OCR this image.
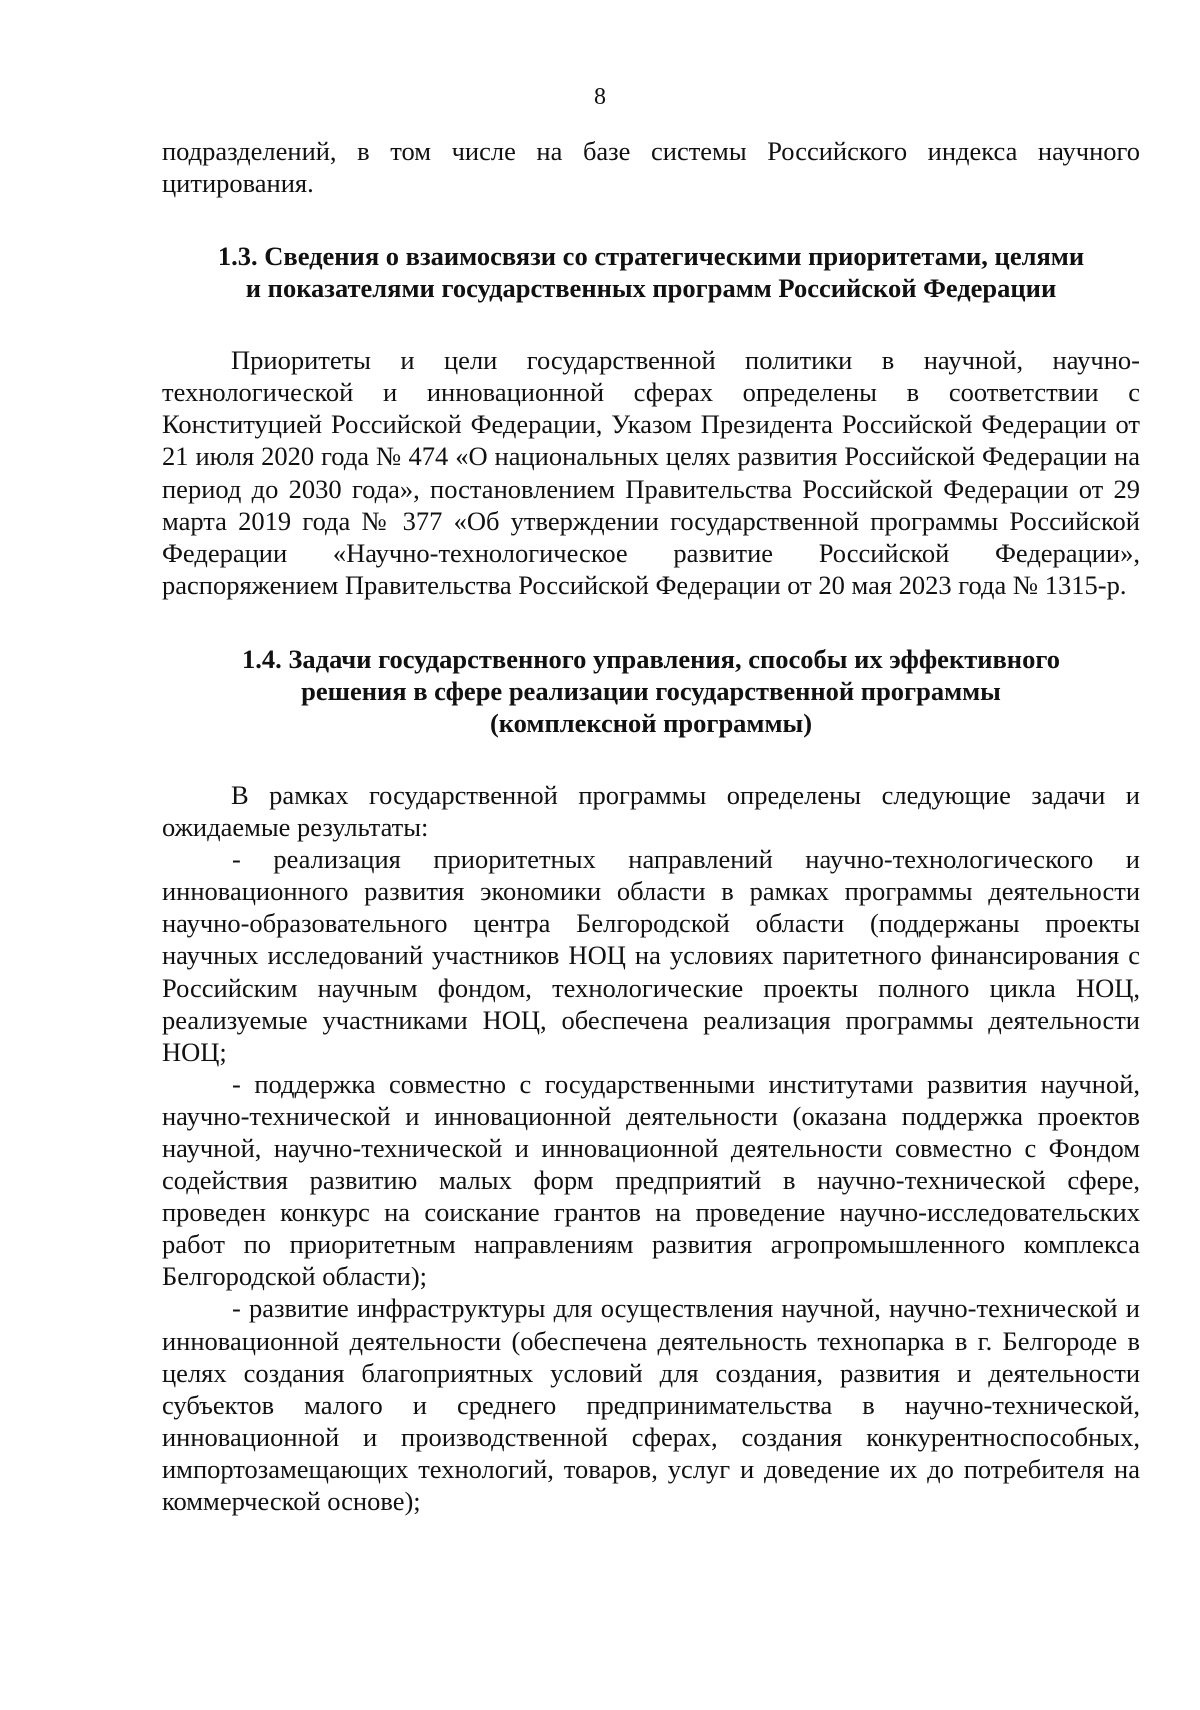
8

подразделений, в том числе на базе системы Российского индекса научного цитирования.

1.3. Сведения о взаимосвязи со стратегическими приоритетами, целями
и показателями государственных программ Российской Федерации

Приоритеты и цели государственной политики в научной, научно-технологической и инновационной сферах определены в соответствии с Конституцией Российской Федерации, Указом Президента Российской Федерации от 21 июля 2020 года № 474 «О национальных целях развития Российской Федерации на период до 2030 года», постановлением Правительства Российской Федерации от 29 марта 2019 года № 377 «Об утверждении государственной программы Российской Федерации «Научно-технологическое развитие Российской Федерации», распоряжением Правительства Российской Федерации от 20 мая 2023 года № 1315-р.

1.4. Задачи государственного управления, способы их эффективного
решения в сфере реализации государственной программы
(комплексной программы)

В рамках государственной программы определены следующие задачи и ожидаемые результаты:

- реализация приоритетных направлений научно-технологического и инновационного развития экономики области в рамках программы деятельности научно-образовательного центра Белгородской области (поддержаны проекты научных исследований участников НОЦ на условиях паритетного финансирования с Российским научным фондом, технологические проекты полного цикла НОЦ, реализуемые участниками НОЦ, обеспечена реализация программы деятельности НОЦ;

- поддержка совместно с государственными институтами развития научной, научно-технической и инновационной деятельности (оказана поддержка проектов научной, научно-технической и инновационной деятельности совместно с Фондом содействия развитию малых форм предприятий в научно-технической сфере, проведен конкурс на соискание грантов на проведение научно-исследовательских работ по приоритетным направлениям развития агропромышленного комплекса Белгородской области);

- развитие инфраструктуры для осуществления научной, научно-технической и инновационной деятельности (обеспечена деятельность технопарка в г. Белгороде в целях создания благоприятных условий для создания, развития и деятельности субъектов малого и среднего предпринимательства в научно-технической, инновационной и производственной сферах, создания конкурентноспособных, импортозамещающих технологий, товаров, услуг и доведение их до потребителя на коммерческой основе);
